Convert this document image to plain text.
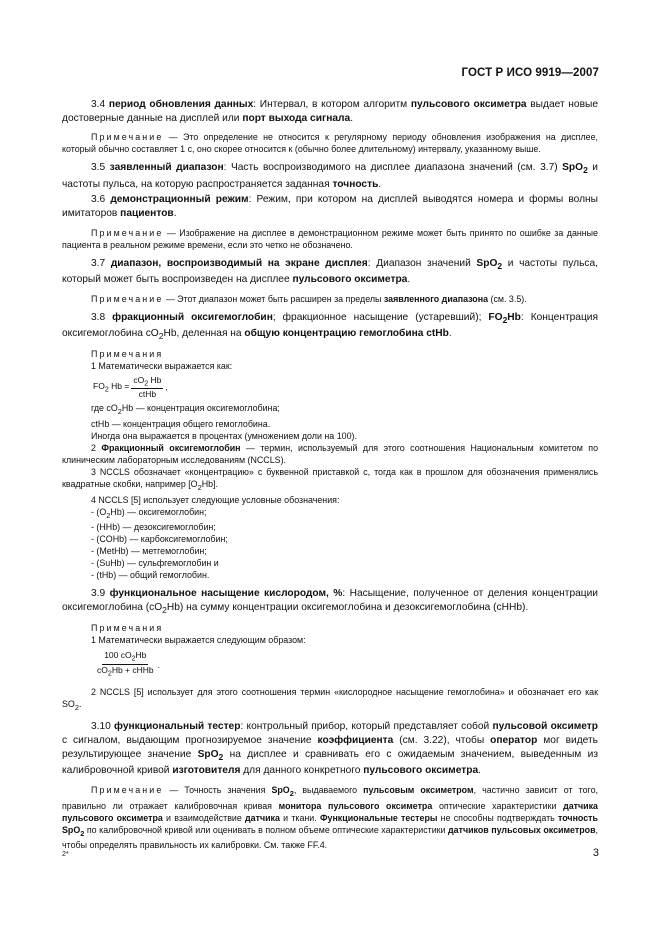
ГОСТ Р ИСО 9919—2007

3.4 период обновления данных: Интервал, в котором алгоритм пульсового оксиметра выдает новые достоверные данные на дисплей или порт выхода сигнала.

Примечание — Это определение не относится к регулярному периоду обновления изображения на дисплее, который обычно составляет 1 с, оно скорее относится к (обычно более длительному) интервалу, указанному выше.

3.5 заявленный диапазон: Часть воспроизводимого на дисплее диапазона значений (см. 3.7) SpO$_2$ и частоты пульса, на которую распространяется заданная точность.

3.6 демонстрационный режим: Режим, при котором на дисплей выводятся номера и формы волны имитаторов пациентов.

Примечание — Изображение на дисплее в демонстрационном режиме может быть принято по ошибке за данные пациента в реальном режиме времени, если это четко не обозначено.

3.7 диапазон, воспроизводимый на экране дисплея: Диапазон значений SpO$_2$ и частоты пульса, который может быть воспроизведен на дисплее пульсового оксиметра.

Примечание — Этот диапазон может быть расширен за пределы заявленного диапазона (см. 3.5).

3.8 фракционный оксигемоглобин; фракционное насыщение (устаревший); $FO_2Hb$: Концентрация оксигемоглобина $cO_2Hb$, деленная на общую концентрацию гемоглобина ctHb.

Примечания

1 Математически выражается как:

$FO_2$ $Hb = \frac{cO_2 Hb}{\text{ctHb}}$ ,

где $cO_2Hb$ — концентрация оксигемоглобина;

ctHb — концентрация общего гемоглобина.

Иногда она выражается в процентах (умножением доли на 100).

2 Фракционный оксигемоглобин — термин, используемый для этого соотношения Национальным комитетом по клиническим лабораторным исследованиям (NCCLS).

3 NCCLS обозначает «концентрацию» с буквенной приставкой с, тогда как в прошлом для обозначения применялись квадратные скобки, например $[O_2Hb]$.

4 NCCLS [5] использует следующие условные обозначения:

- $(O_2Hb)$ — оксигемоглобин;

- (HHb) — дезоксигемоглобин;

- (COHb) — карбоксигемоглобин;

- (MetHb) — метгемоглобин;

- (SuHb) — сульфгемоглобин и

- (tHb) — общий гемоглобин.

3.9 функциональное насыщение кислородом, %: Насыщение, полученное от деления концентрации оксигемоглобина $(cO_2Hb)$ на сумму концентрации оксигемоглобина и дезоксигемоглобина (cHHb).

Примечания

1 Математически выражается следующим образом:

$\frac{100 cO_2Hb}{cO_2Hb + cHHb}$ .

2 NCCLS [5] использует для этого соотношения термин «кислородное насыщение гемоглобина» и обозначает его как $SO_2$.

3.10 функциональный тестер: контрольный прибор, который представляет собой пульсовой оксиметр с сигналом, выдающим прогнозируемое значение коэффициента (см. 3.22), чтобы оператор мог видеть результирующее значение SpO$_2$ на дисплее и сравнивать его с ожидаемым значением, выведенным из калибровочной кривой изготовителя для данного конкретного пульсового оксиметра.

Примечание — Точность значения SpO$_2$, выдаваемого пульсовым оксиметром, частично зависит от того, правильно ли отражает калибровочная кривая монитора пульсового оксиметра оптические характеристики датчика пульсового оксиметра и взаимодействие датчика и ткани. Функциональные тестеры не способны подтверждать точность SpO$_2$ по калибровочной кривой или оценивать в полном объеме оптические характеристики датчиков пульсовых оксиметров, чтобы определять правильность их калибровки. См. также FF.4.

2*	3
